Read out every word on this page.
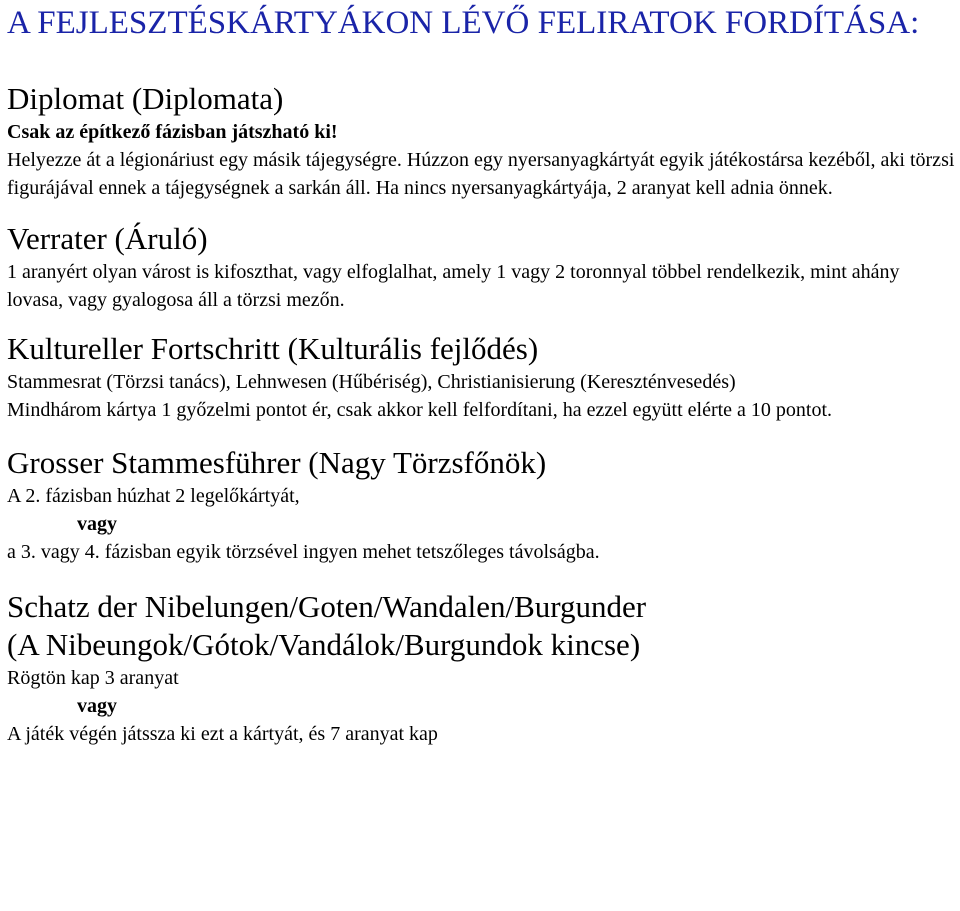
A FEJLESZTÉSKÁRTYÁKON LÉVŐ FELIRATOK FORDÍTÁSA:
Diplomat (Diplomata)

Csak az építkező fázisban játszható ki!

Helyezze át a légionáriust egy másik tájegységre. Húzzon egy nyersanyagkártyát egyik játékostársa kezéből, aki törzsi figurájával ennek a tájegységnek a sarkán áll. Ha nincs nyersanyagkártyája, 2 aranyat kell adnia önnek.

Verrater (Áruló)

1 aranyért olyan várost is kifoszthat, vagy elfoglalhat, amely 1 vagy 2 toronnyal többel rendelkezik, mint ahány lovasa, vagy gyalogosa áll a törzsi mezőn.

Kultureller Fortschritt (Kulturális fejlődés)

Stammesrat (Törzsi tanács), Lehnwesen (Hűbériség), Christianisierung (Kereszténvesedés)

Mindhárom kártya 1 győzelmi pontot ér, csak akkor kell felfordítani, ha ezzel együtt elérte a 10 pontot.

Grosser Stammesführer (Nagy Törzsfőnök)

A 2. fázisban húzhat 2 legelőkártyát,

vagy

a 3. vagy 4. fázisban egyik törzsével ingyen mehet tetszőleges távolságba.

Schatz der Nibelungen/Goten/Wandalen/Burgunder
(A Nibeungok/Gótok/Vandálok/Burgundok kincse)

Rögtön kap 3 aranyat

vagy

A játék végén játssza ki ezt a kártyát, és 7 aranyat kap
